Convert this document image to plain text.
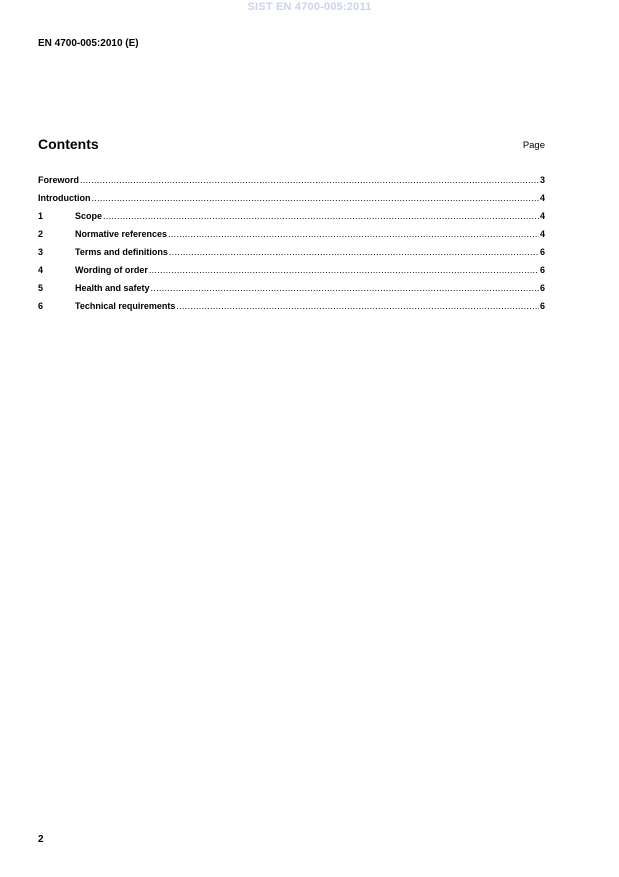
SIST EN 4700-005:2011
EN 4700-005:2010 (E)
Contents	Page
Foreword .....	3
Introduction .....	4
1	Scope .....	4
2	Normative references .....	4
3	Terms and definitions .....	6
4	Wording of order .....	6
5	Health and safety .....	6
6	Technical requirements .....	6
2
